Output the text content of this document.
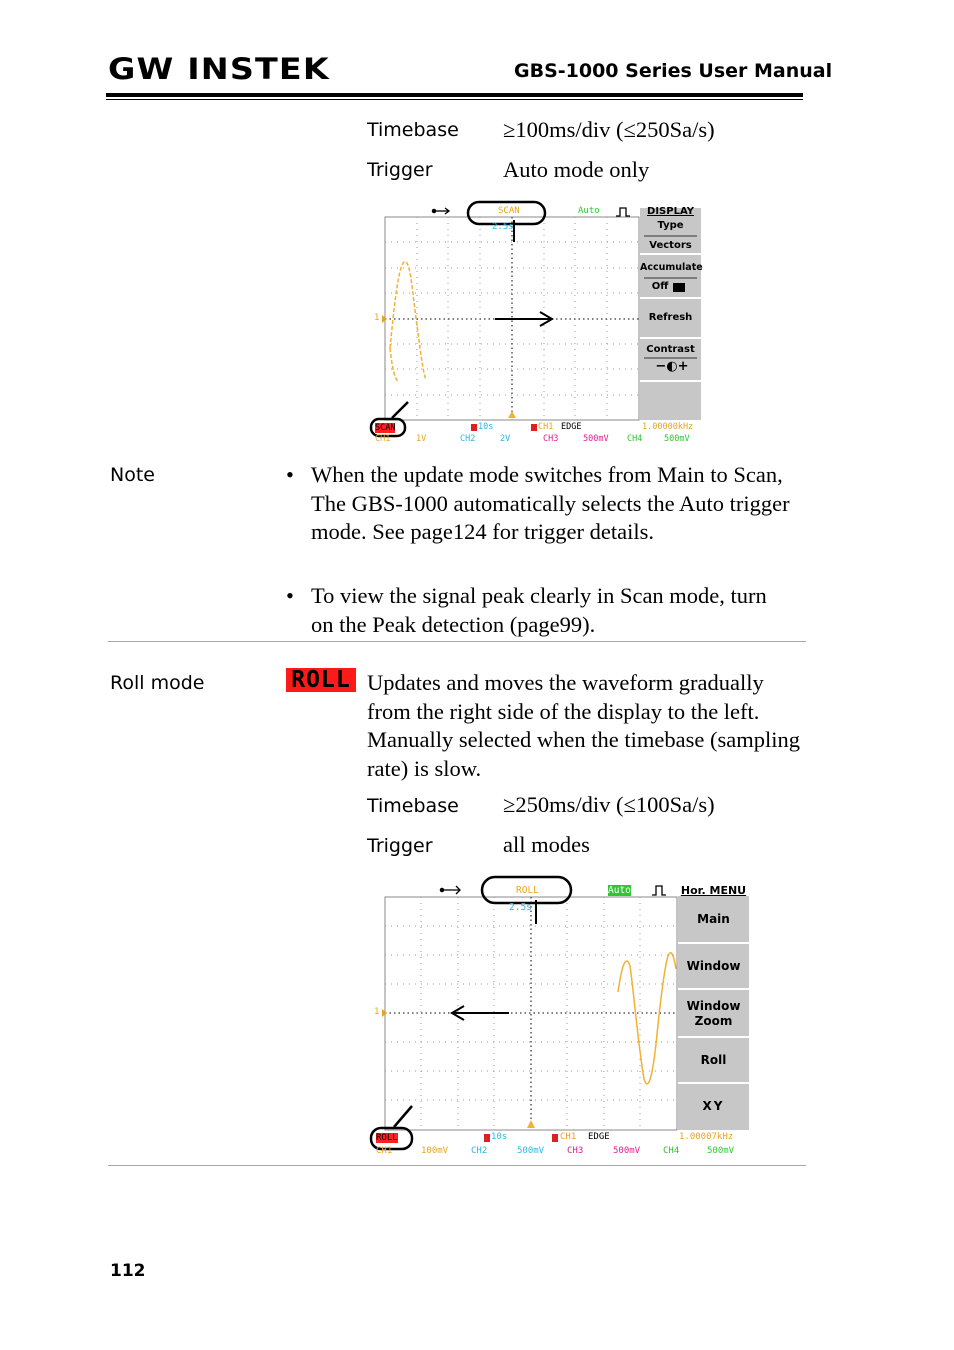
GW INSTEK	GBS-1000 Series User Manual
Timebase ≥100ms/div (≤250Sa/s)
Trigger	Auto mode only
SCAN
2.5s
Auto
1
SCAN	10s	CH1 EDGE	1.00000kHz
CH1	1V	CH2	2V	CH3	500mV CH4	500mV
DISPLAY
Type
Vectors
Accumulate
Off
Refresh
Contrast
−◐+
Note	• When the update mode switches from Main to Scan, The GBS-1000 automatically selects the Auto trigger mode. See page124 for trigger details.
• To view the signal peak clearly in Scan mode, turn on the Peak detection (page99).
Roll mode	ROLL Updates and moves the waveform gradually from the right side of the display to the left. Manually selected when the timebase (sampling rate) is slow.
Timebase ≥250ms/div (≤100Sa/s)
Trigger	all modes
ROLL
2.5s
Auto
1
ROLL	10s	CH1 EDGE	1.00007kHz
CH1	100mV	CH2	500mV	CH3	500mV	CH4	500mV
Hor. MENU
Main
Window
Window
Zoom
Roll
XY
112
